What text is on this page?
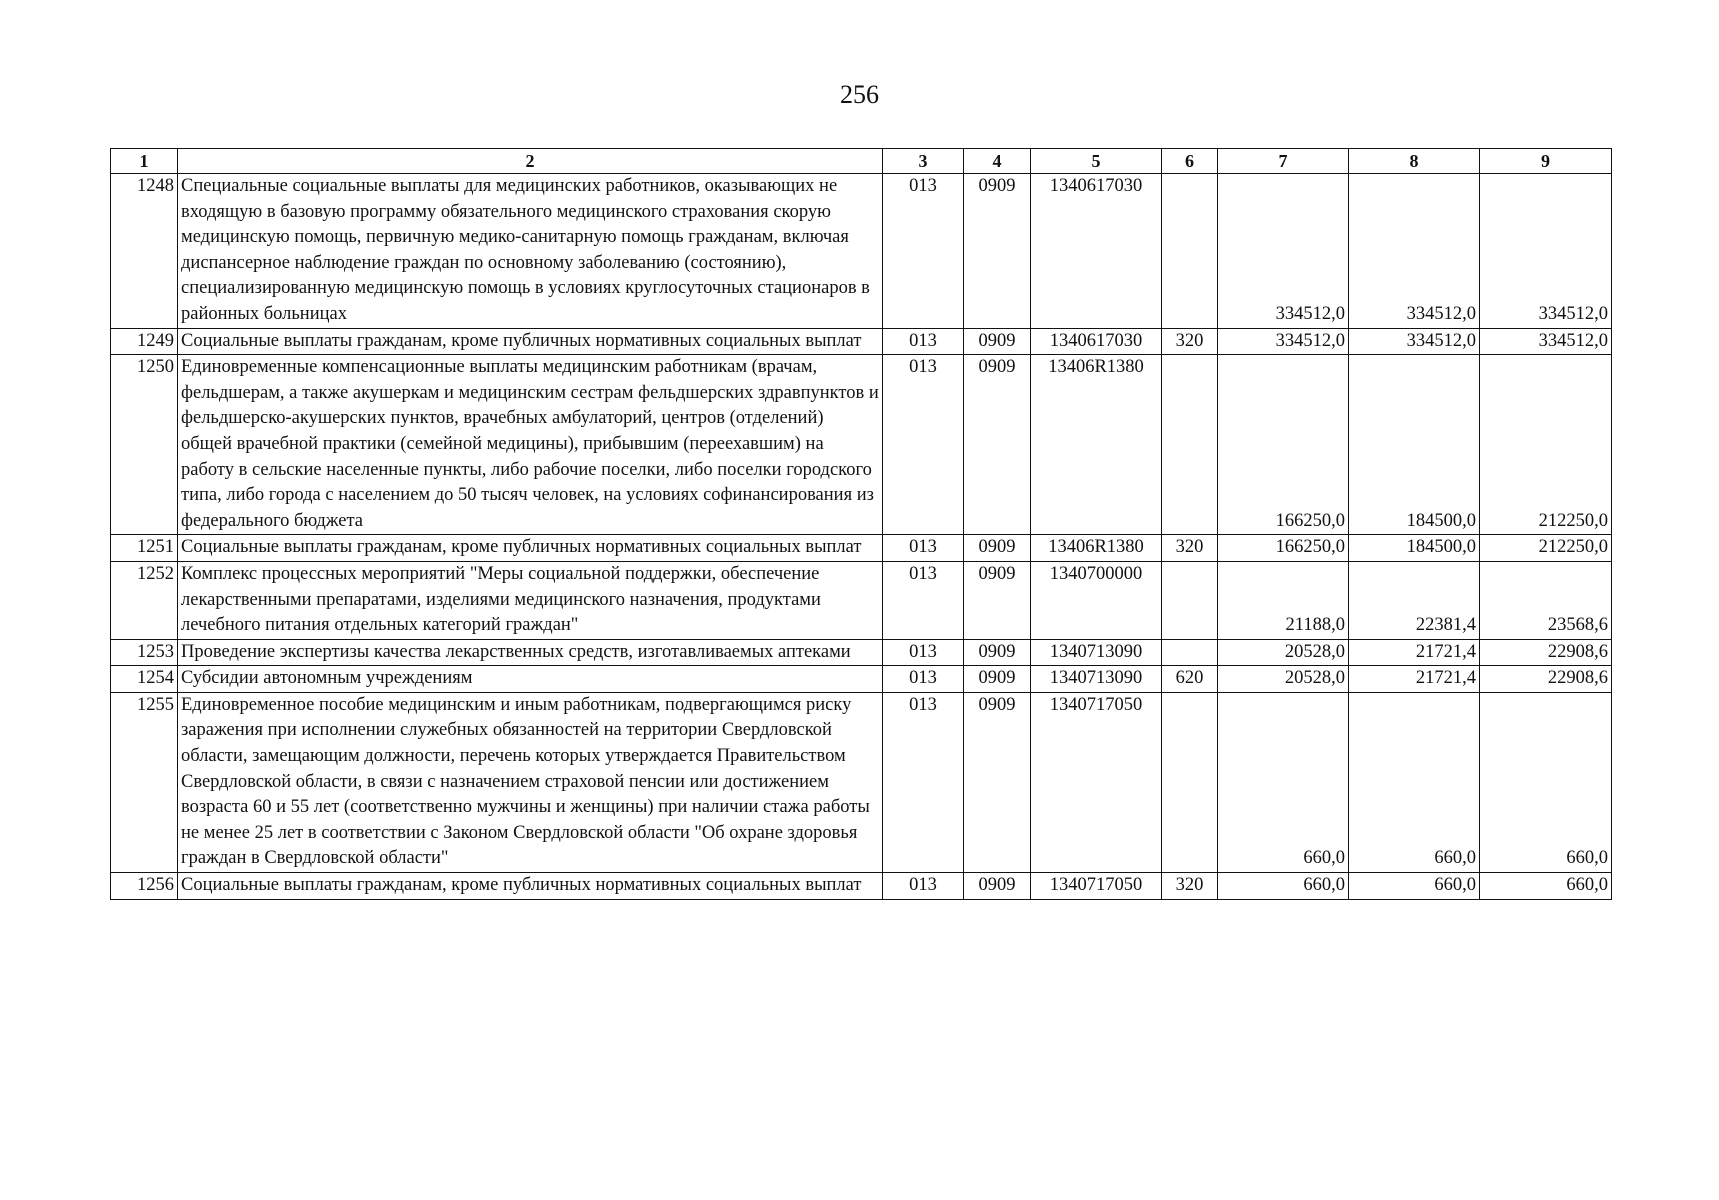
256
1	2	3	4	5	6	7	8	9
1248	Специальные социальные выплаты для медицинских работников, оказывающих не входящую в базовую программу обязательного медицинского страхования скорую медицинскую помощь, первичную медико-санитарную помощь гражданам, включая диспансерное наблюдение граждан по основному заболеванию (состоянию), специализированную медицинскую помощь в условиях круглосуточных стационаров в районных больницах	013	0909	1340617030		334512,0	334512,0	334512,0
1249	Социальные выплаты гражданам, кроме публичных нормативных социальных выплат	013	0909	1340617030	320	334512,0	334512,0	334512,0
1250	Единовременные компенсационные выплаты медицинским работникам (врачам, фельдшерам, а также акушеркам и медицинским сестрам фельдшерских здравпунктов и фельдшерско-акушерских пунктов, врачебных амбулаторий, центров (отделений) общей врачебной практики (семейной медицины), прибывшим (переехавшим) на работу в сельские населенные пункты, либо рабочие поселки, либо поселки городского типа, либо города с населением до 50 тысяч человек, на условиях софинансирования из федерального бюджета	013	0909	13406R1380		166250,0	184500,0	212250,0
1251	Социальные выплаты гражданам, кроме публичных нормативных социальных выплат	013	0909	13406R1380	320	166250,0	184500,0	212250,0
1252	Комплекс процессных мероприятий "Меры социальной поддержки, обеспечение лекарственными препаратами, изделиями медицинского назначения, продуктами лечебного питания отдельных категорий граждан"	013	0909	1340700000		21188,0	22381,4	23568,6
1253	Проведение экспертизы качества лекарственных средств, изготавливаемых аптеками	013	0909	1340713090		20528,0	21721,4	22908,6
1254	Субсидии автономным учреждениям	013	0909	1340713090	620	20528,0	21721,4	22908,6
1255	Единовременное пособие медицинским и иным работникам, подвергающимся риску заражения при исполнении служебных обязанностей на территории Свердловской области, замещающим должности, перечень которых утверждается Правительством Свердловской области, в связи с назначением страховой пенсии или достижением возраста 60 и 55 лет (соответственно мужчины и женщины) при наличии стажа работы не менее 25 лет в соответствии с Законом Свердловской области "Об охране здоровья граждан в Свердловской области"	013	0909	1340717050		660,0	660,0	660,0
1256	Социальные выплаты гражданам, кроме публичных нормативных социальных выплат	013	0909	1340717050	320	660,0	660,0	660,0
